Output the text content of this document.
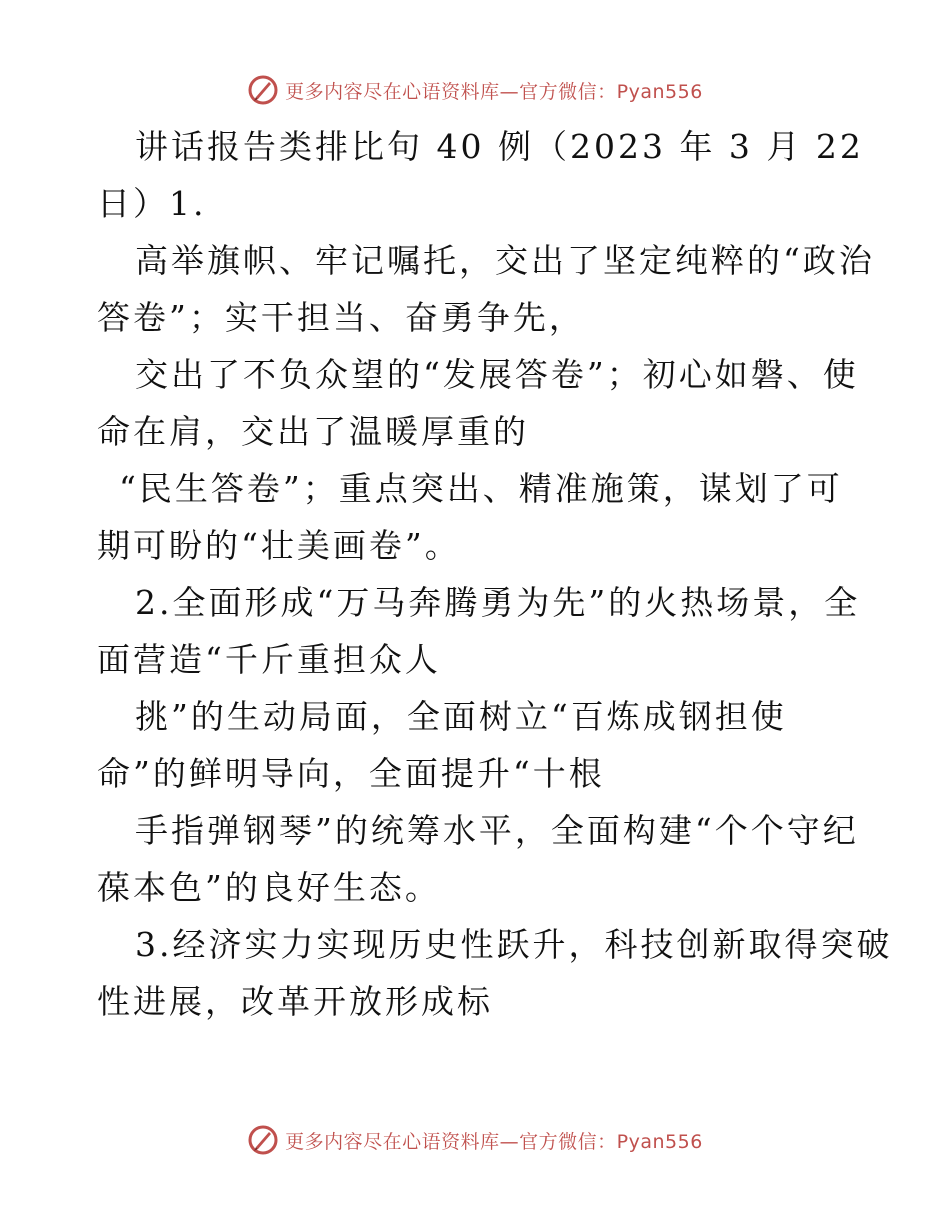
更多内容尽在心语资料库—官方微信：Pyan556

讲话报告类排比句 40 例（2023 年 3 月 22

日）1.

高举旗帜、牢记嘱托，交出了坚定纯粹的“政治

答卷”；实干担当、奋勇争先，

交出了不负众望的“发展答卷”；初心如磐、使

命在肩，交出了温暖厚重的

“民生答卷”；重点突出、精准施策，谋划了可

期可盼的“壮美画卷”。

2.全面形成“万马奔腾勇为先”的火热场景，全

面营造“千斤重担众人

挑”的生动局面，全面树立“百炼成钢担使

命”的鲜明导向，全面提升“十根

手指弹钢琴”的统筹水平，全面构建“个个守纪

葆本色”的良好生态。

3.经济实力实现历史性跃升，科技创新取得突破

性进展，改革开放形成标

更多内容尽在心语资料库—官方微信：Pyan556
